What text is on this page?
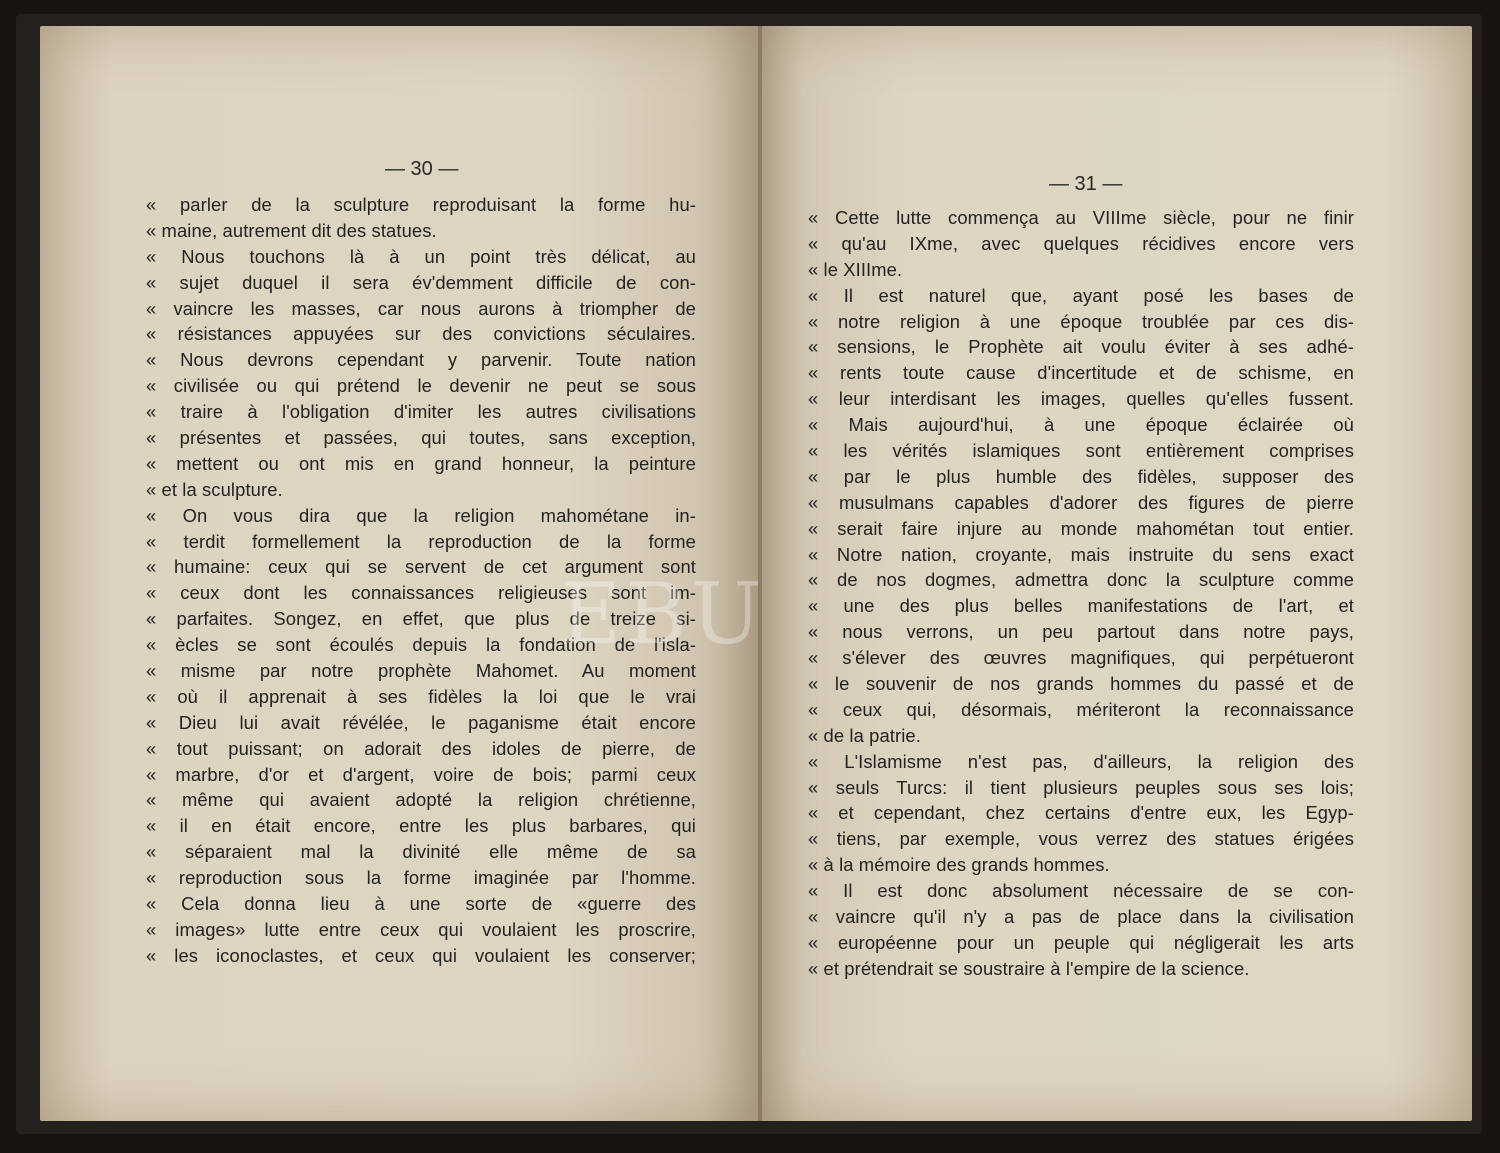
— 30 —
— 31 —
« parler de la sculpture reproduisant la forme hu-
« maine, autrement dit des statues.
« Nous touchons là à un point très délicat, au
« sujet duquel il sera év'demment difficile de con-
« vaincre les masses, car nous aurons à triompher de
« résistances appuyées sur des convictions séculaires.
« Nous devrons cependant y parvenir. Toute nation
« civilisée ou qui prétend le devenir ne peut se sous
« traire à l'obligation d'imiter les autres civilisations
« présentes et passées, qui toutes, sans exception,
« mettent ou ont mis en grand honneur, la peinture
« et la sculpture.
« On vous dira que la religion mahométane in-
« terdit formellement la reproduction de la forme
« humaine: ceux qui se servent de cet argument sont
« ceux dont les connaissances religieuses sont im-
« parfaites. Songez, en effet, que plus de treize si-
« ècles se sont écoulés depuis la fondation de l'isla-
« misme par notre prophète Mahomet. Au moment
« où il apprenait à ses fidèles la loi que le vrai
« Dieu lui avait révélée, le paganisme était encore
« tout puissant; on adorait des idoles de pierre, de
« marbre, d'or et d'argent, voire de bois; parmi ceux
« même qui avaient adopté la religion chrétienne,
« il en était encore, entre les plus barbares, qui
« séparaient mal la divinité elle même de sa
« reproduction sous la forme imaginée par l'homme.
« Cela donna lieu à une sorte de «guerre des
« images» lutte entre ceux qui voulaient les proscrire,
« les iconoclastes, et ceux qui voulaient les conserver;
« Cette lutte commença au VIIIme siècle, pour ne finir
« qu'au IXme, avec quelques récidives encore vers
« le XIIIme.
« Il est naturel que, ayant posé les bases de
« notre religion à une époque troublée par ces dis-
« sensions, le Prophète ait voulu éviter à ses adhé-
« rents toute cause d'incertitude et de schisme, en
« leur interdisant les images, quelles qu'elles fussent.
« Mais aujourd'hui, à une époque éclairée où
« les vérités islamiques sont entièrement comprises
« par le plus humble des fidèles, supposer des
« musulmans capables d'adorer des figures de pierre
« serait faire injure au monde mahométan tout entier.
« Notre nation, croyante, mais instruite du sens exact
« de nos dogmes, admettra donc la sculpture comme
« une des plus belles manifestations de l'art, et
« nous verrons, un peu partout dans notre pays,
« s'élever des œuvres magnifiques, qui perpétueront
« le souvenir de nos grands hommes du passé et de
« ceux qui, désormais, mériteront la reconnaissance
« de la patrie.
« L'Islamisme n'est pas, d'ailleurs, la religion des
« seuls Turcs: il tient plusieurs peuples sous ses lois;
« et cependant, chez certains d'entre eux, les Egyp-
« tiens, par exemple, vous verrez des statues érigées
« à la mémoire des grands hommes.
« Il est donc absolument nécessaire de se con-
« vaincre qu'il n'y a pas de place dans la civilisation
« européenne pour un peuple qui négligerait les arts
« et prétendrait se soustraire à l'empire de la science.
EBU
